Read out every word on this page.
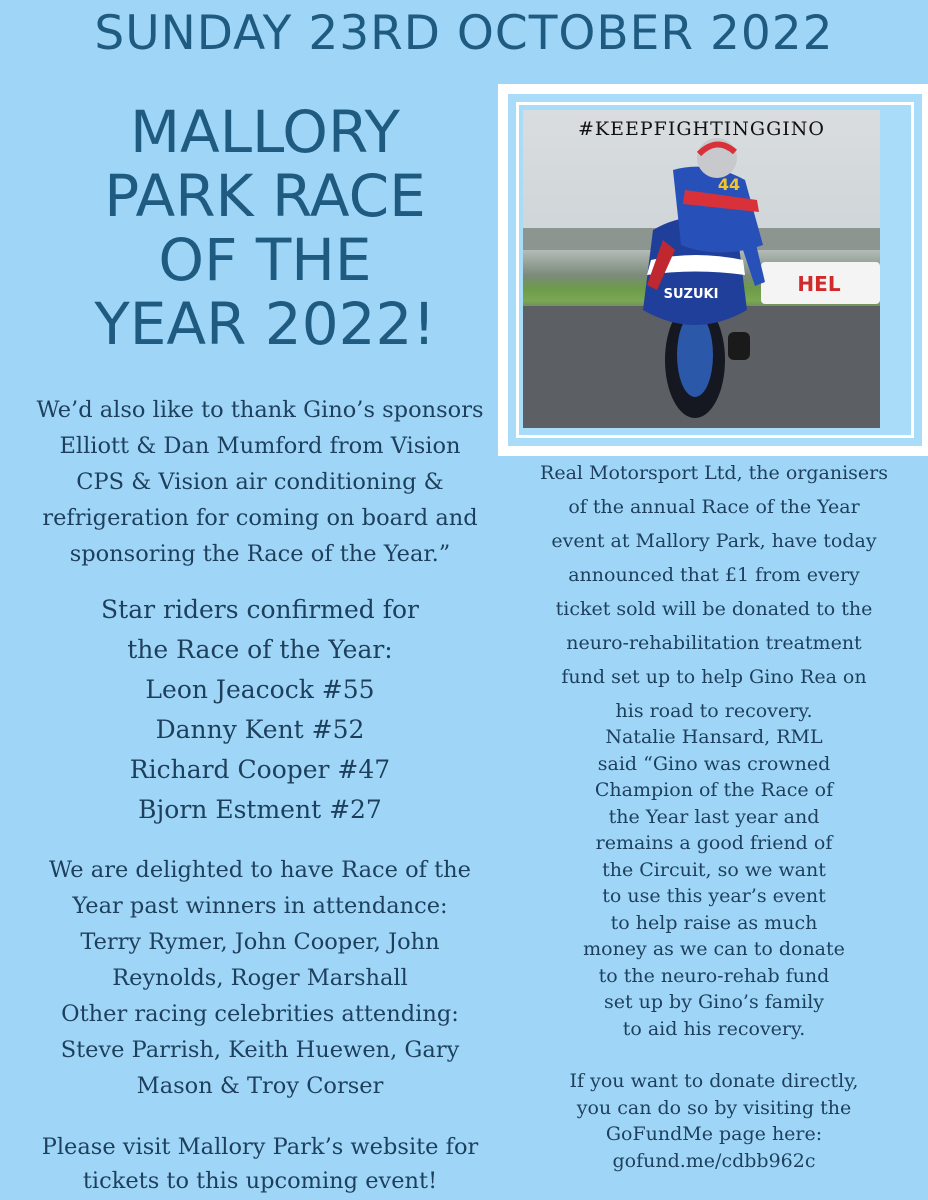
SUNDAY 23RD OCTOBER 2022
MALLORY
PARK RACE
OF THE
YEAR 2022!
We’d also like to thank Gino’s sponsors
Elliott & Dan Mumford from Vision
CPS & Vision air conditioning &
refrigeration for coming on board and
sponsoring the Race of the Year.”
Star riders confirmed for
the Race of the Year:
Leon Jeacock #55
Danny Kent #52
Richard Cooper #47
Bjorn Estment #27
We are delighted to have Race of the
Year past winners in attendance:
Terry Rymer, John Cooper, John
Reynolds, Roger Marshall
Other racing celebrities attending:
Steve Parrish, Keith Huewen, Gary
Mason & Troy Corser
Please visit Mallory Park’s website for
tickets to this upcoming event!
HEL
SUZUKI
44
#KEEPFIGHTINGGINO
Real Motorsport Ltd, the organisers
of the annual Race of the Year
event at Mallory Park, have today
announced that £1 from every
ticket sold will be donated to the
neuro-rehabilitation treatment
fund set up to help Gino Rea on
his road to recovery.
Natalie Hansard, RML
said “Gino was crowned
Champion of the Race of
the Year last year and
remains a good friend of
the Circuit, so we want
to use this year’s event
to help raise as much
money as we can to donate
to the neuro-rehab fund
set up by Gino’s family
to aid his recovery.
If you want to donate directly,
you can do so by visiting the
GoFundMe page here:
gofund.me/cdbb962c
